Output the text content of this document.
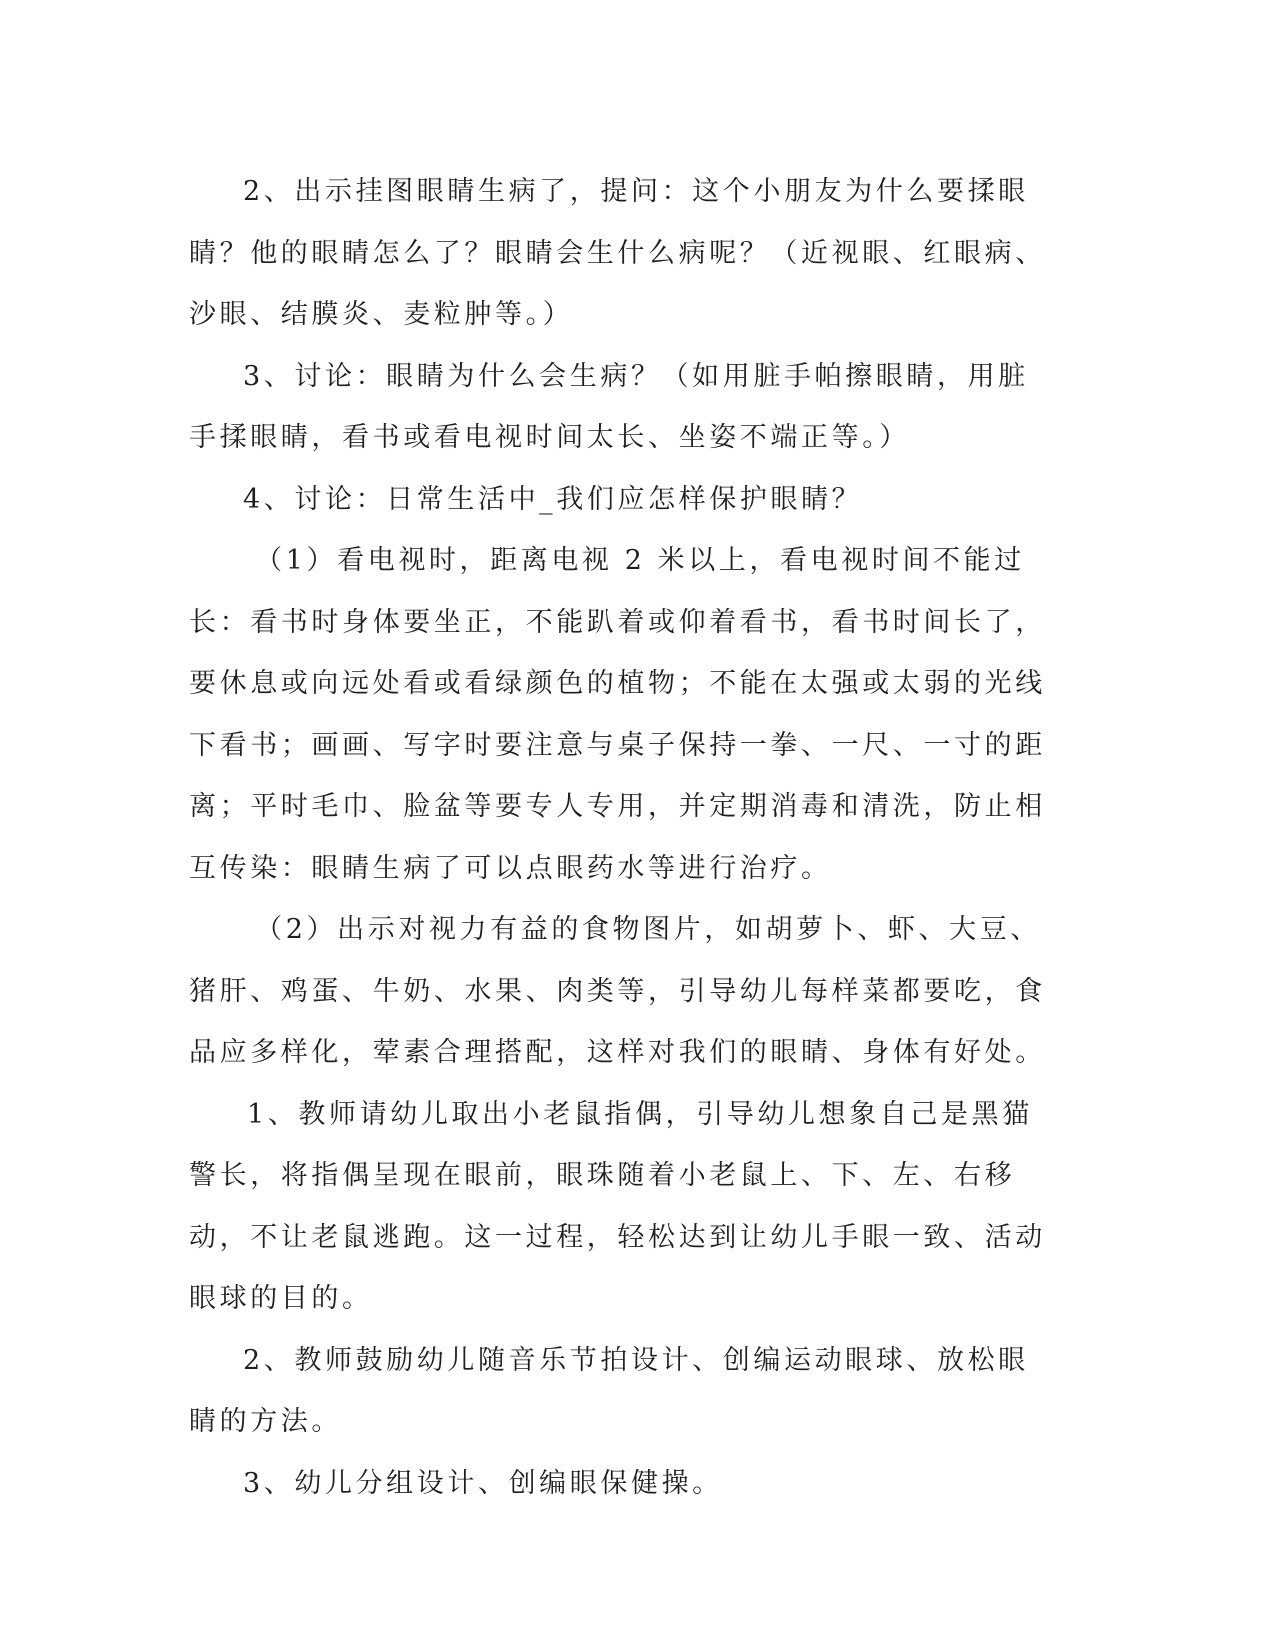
2、出示挂图眼睛生病了，提问：这个小朋友为什么要揉眼睛？他的眼睛怎么了？眼睛会生什么病呢？（近视眼、红眼病、沙眼、结膜炎、麦粒肿等。）

3、讨论：眼睛为什么会生病？（如用脏手帕擦眼睛，用脏手揉眼睛，看书或看电视时间太长、坐姿不端正等。）

4、讨论：日常生活中_我们应怎样保护眼睛？

（1）看电视时，距离电视 2 米以上，看电视时间不能过长：看书时身体要坐正，不能趴着或仰着看书，看书时间长了，要休息或向远处看或看绿颜色的植物；不能在太强或太弱的光线下看书；画画、写字时要注意与桌子保持一拳、一尺、一寸的距离；平时毛巾、脸盆等要专人专用，并定期消毒和清洗，防止相互传染：眼睛生病了可以点眼药水等进行治疗。

（2）出示对视力有益的食物图片，如胡萝卜、虾、大豆、猪肝、鸡蛋、牛奶、水果、肉类等，引导幼儿每样菜都要吃，食品应多样化，荤素合理搭配，这样对我们的眼睛、身体有好处。

1、教师请幼儿取出小老鼠指偶，引导幼儿想象自己是黑猫警长，将指偶呈现在眼前，眼珠随着小老鼠上、下、左、右移动，不让老鼠逃跑。这一过程，轻松达到让幼儿手眼一致、活动眼球的目的。

2、教师鼓励幼儿随音乐节拍设计、创编运动眼球、放松眼睛的方法。

3、幼儿分组设计、创编眼保健操。
